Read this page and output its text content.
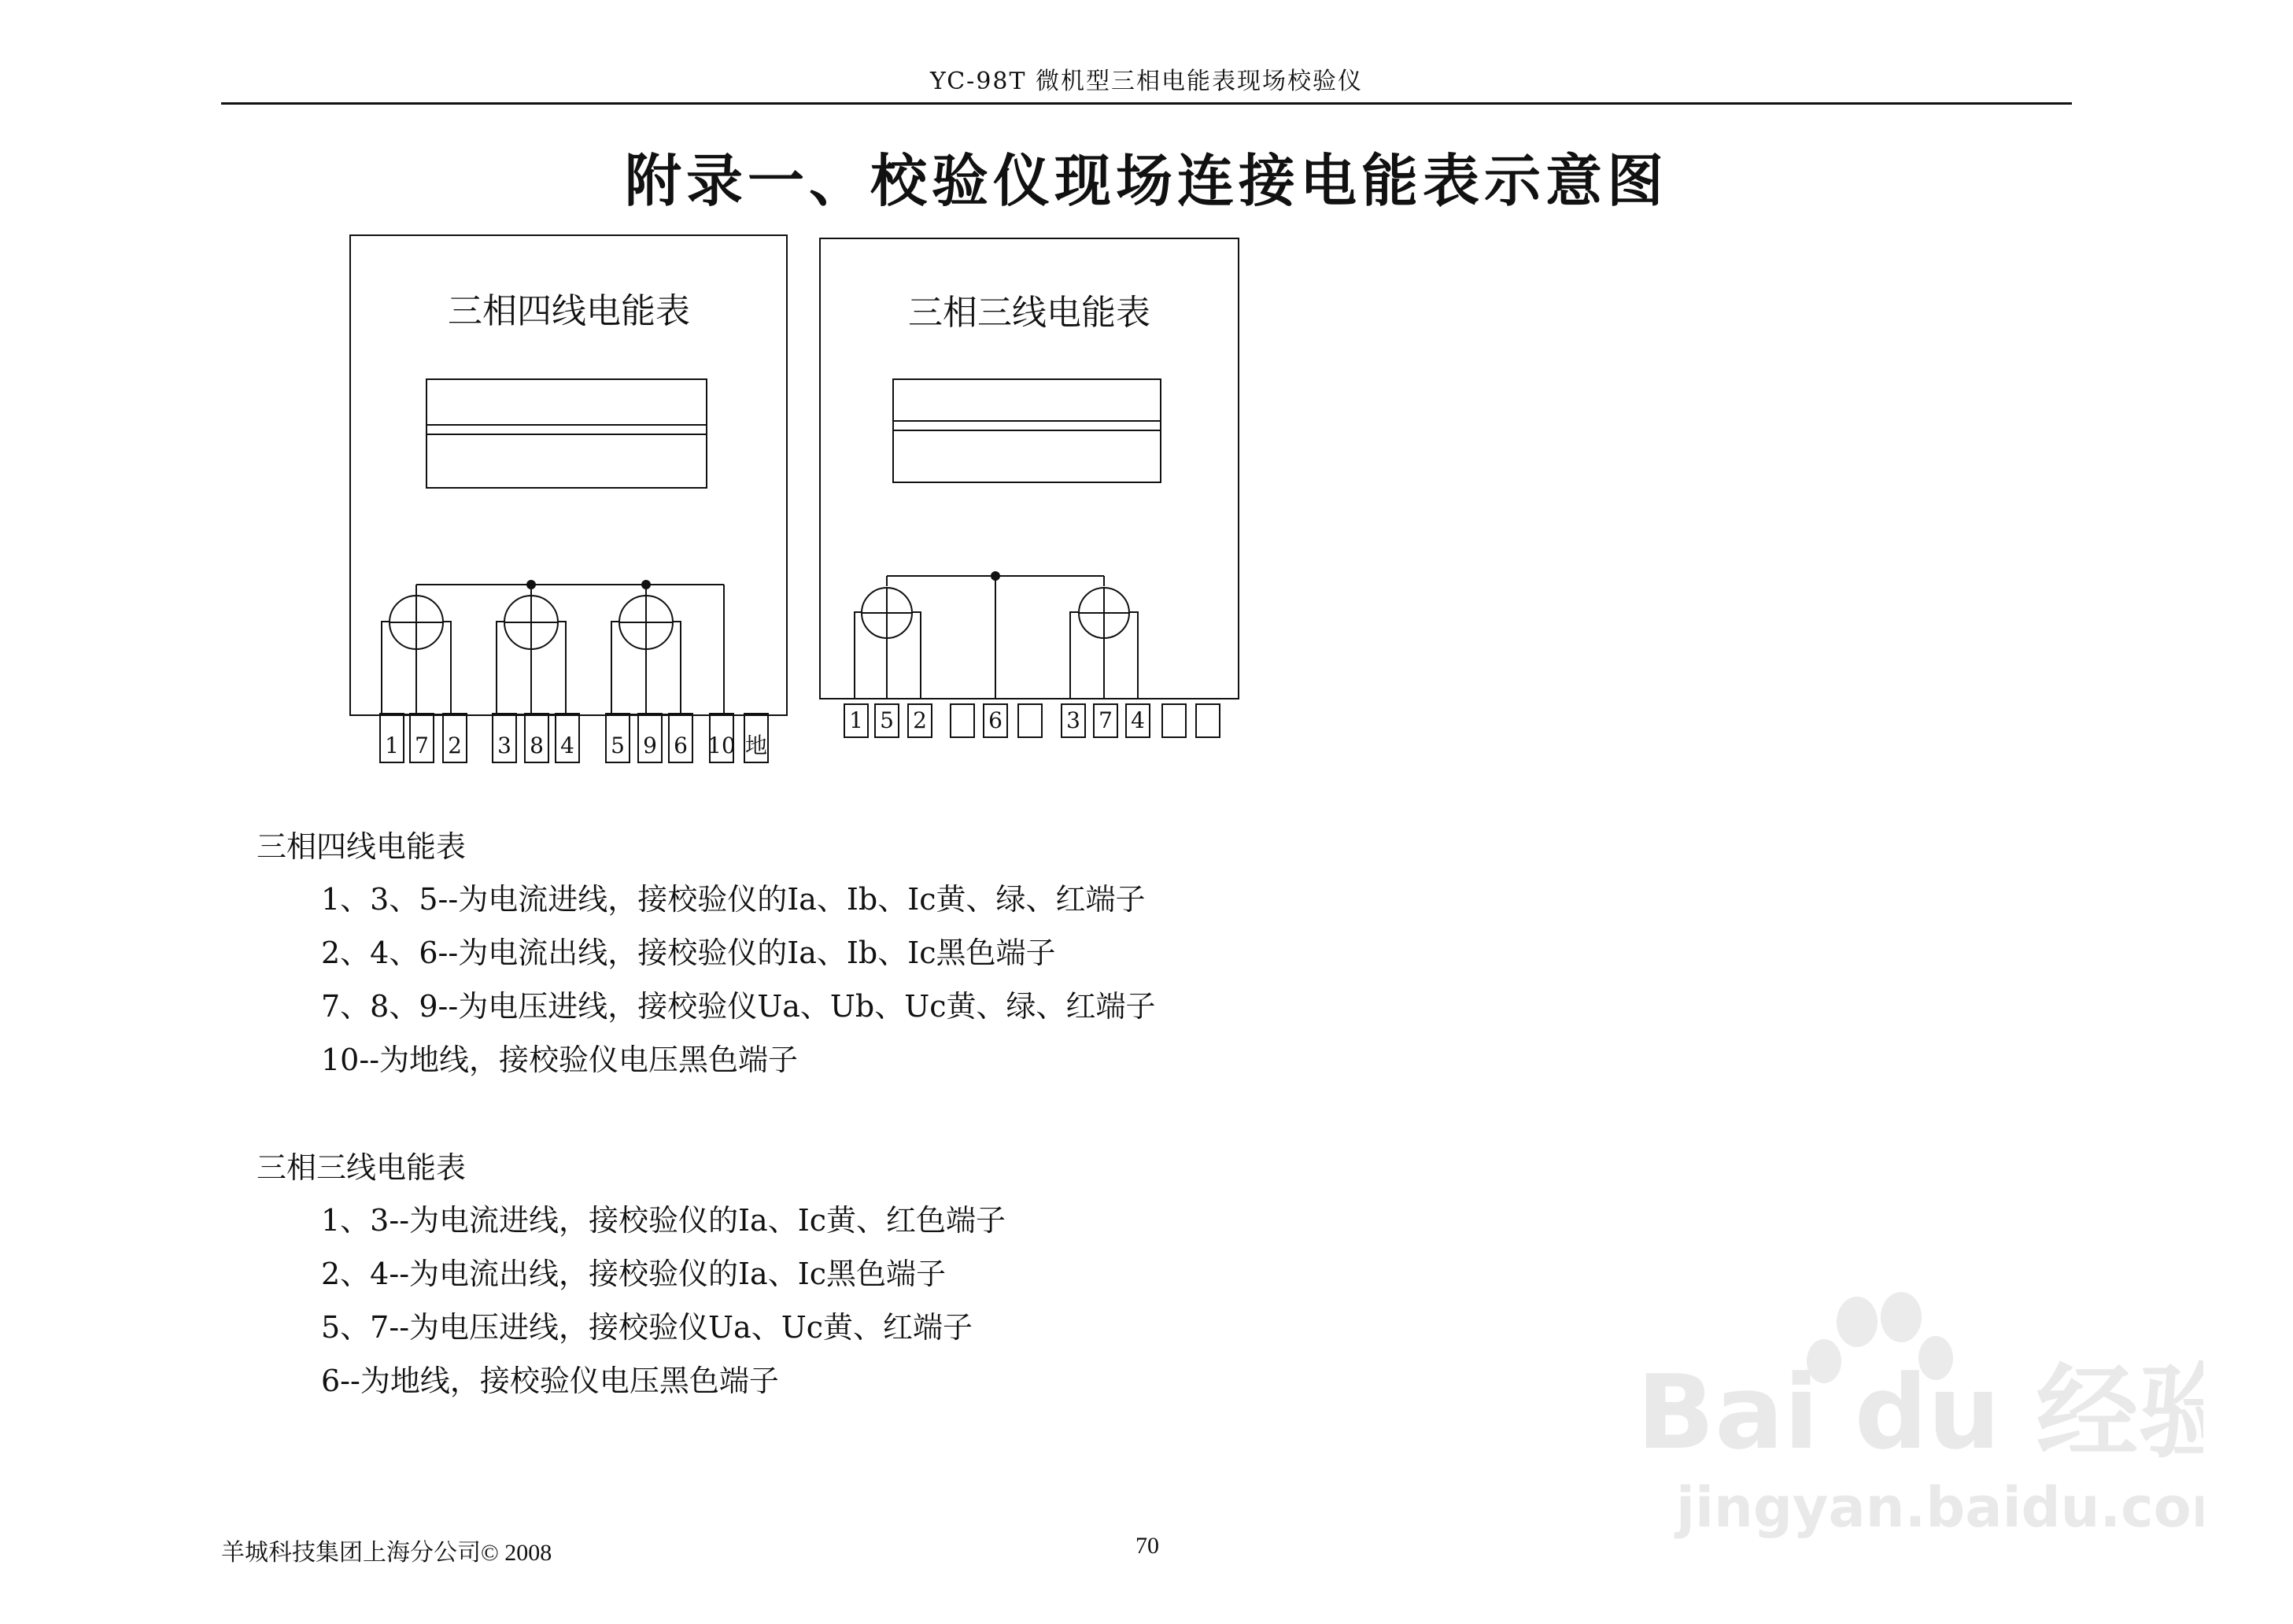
YC-98T 微机型三相电能表现场校验仪
附录一、校验仪现场连接电能表示意图
三相四线电能表
1 7 2 3 8 4 5 9 6 10 地
三相三线电能表
1 5 2	6	3 7 4
三相四线电能表
1、3、5--为电流进线，接校验仪的Ia、Ib、Ic黄、绿、红端子
2、4、6--为电流出线，接校验仪的Ia、Ib、Ic黑色端子
7、8、9--为电压进线，接校验仪Ua、Ub、Uc黄、绿、红端子
10--为地线，接校验仪电压黑色端子
三相三线电能表
1、3--为电流进线，接校验仪的Ia、Ic黄、红色端子
2、4--为电流出线，接校验仪的Ia、Ic黑色端子
5、7--为电压进线，接校验仪Ua、Uc黄、红端子
6--为地线，接校验仪电压黑色端子
羊城科技集团上海分公司© 2008	70
Bai du 经验
jingyan.baidu.com
